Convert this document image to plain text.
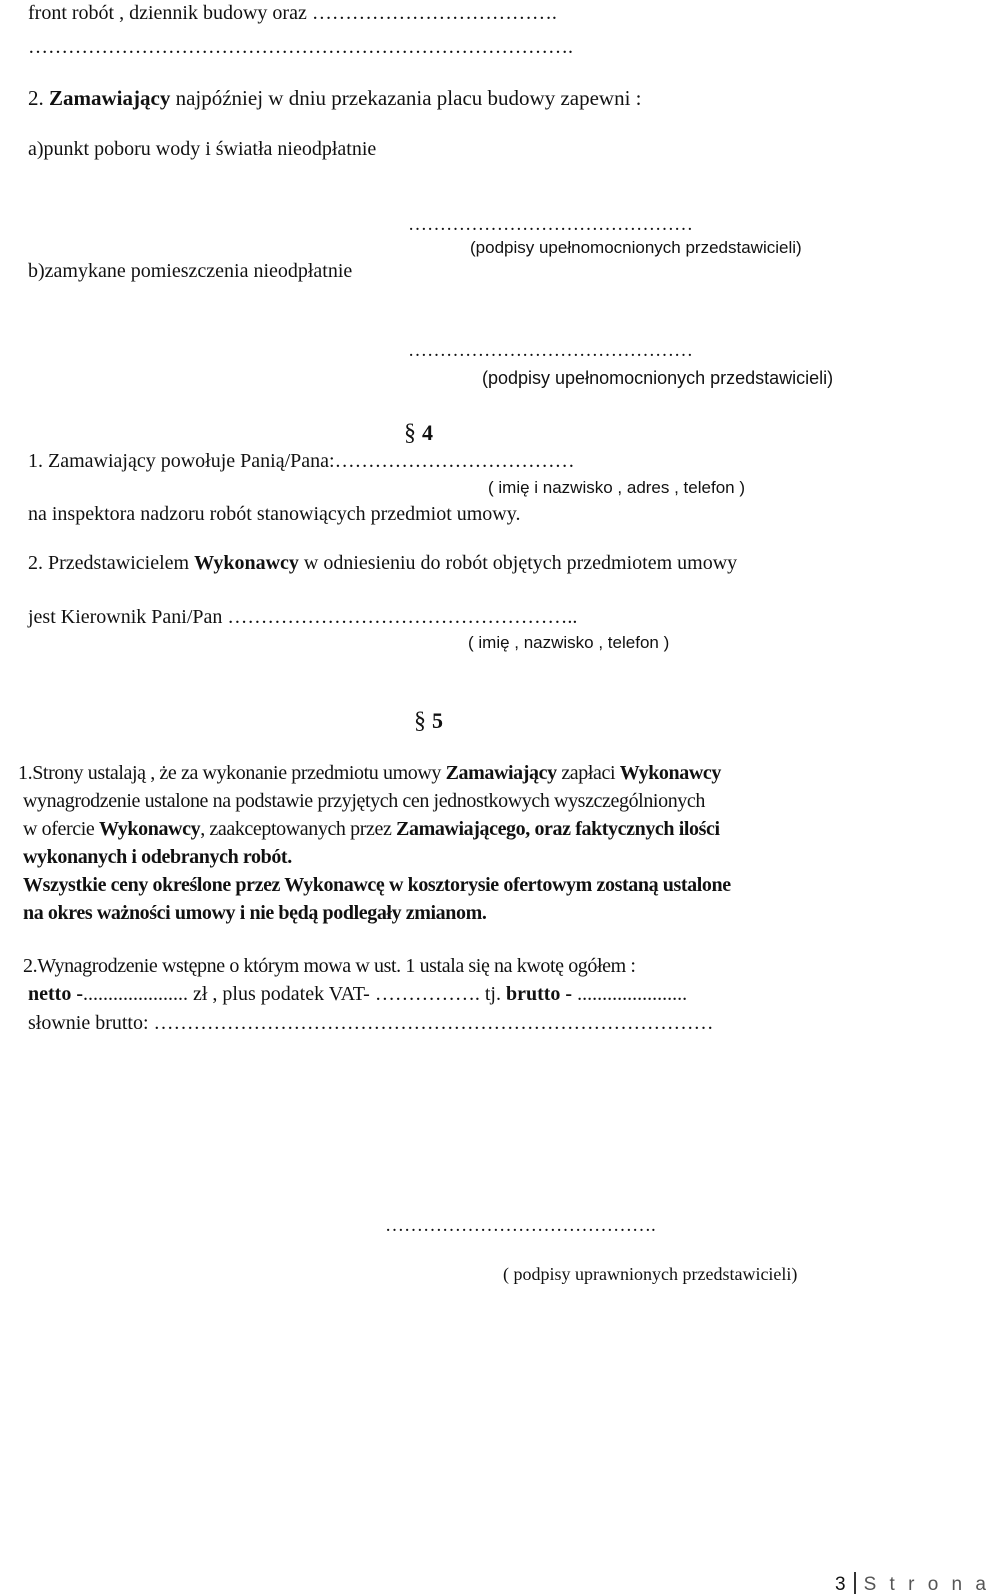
front robót , dziennik budowy oraz ……………………………….
……………………………………………………………………….
2. Zamawiający najpóźniej w dniu przekazania placu budowy zapewni :
a)punkt poboru wody i światła nieodpłatnie
………………………………………
(podpisy upełnomocnionych przedstawicieli)
b)zamykane pomieszczenia nieodpłatnie
………………………………………
(podpisy upełnomocnionych przedstawicieli)
§ 4
1. Zamawiający powołuje Panią/Pana:………………………………
( imię i nazwisko , adres , telefon )
na inspektora nadzoru robót stanowiących przedmiot umowy.
2. Przedstawicielem Wykonawcy w odniesieniu do robót objętych przedmiotem umowy
jest Kierownik Pani/Pan ……………………………………………..
( imię , nazwisko , telefon )
§ 5
1.Strony ustalają , że za wykonanie przedmiotu umowy Zamawiający zapłaci Wykonawcy
wynagrodzenie ustalone na podstawie przyjętych cen jednostkowych wyszczególnionych
w ofercie Wykonawcy, zaakceptowanych przez Zamawiającego, oraz faktycznych ilości
wykonanych i odebranych robót.
Wszystkie ceny określone przez Wykonawcę w kosztorysie ofertowym zostaną ustalone
na okres ważności umowy i nie będą podlegały zmianom.
2.Wynagrodzenie wstępne o którym mowa w ust. 1 ustala się na kwotę ogółem :
netto -..................... zł , plus podatek VAT- ……………. tj. brutto - ......................
słownie brutto: …………………………………………………………………………
…………………………………….
( podpisy uprawnionych przedstawicieli)
3 S t r o n a
